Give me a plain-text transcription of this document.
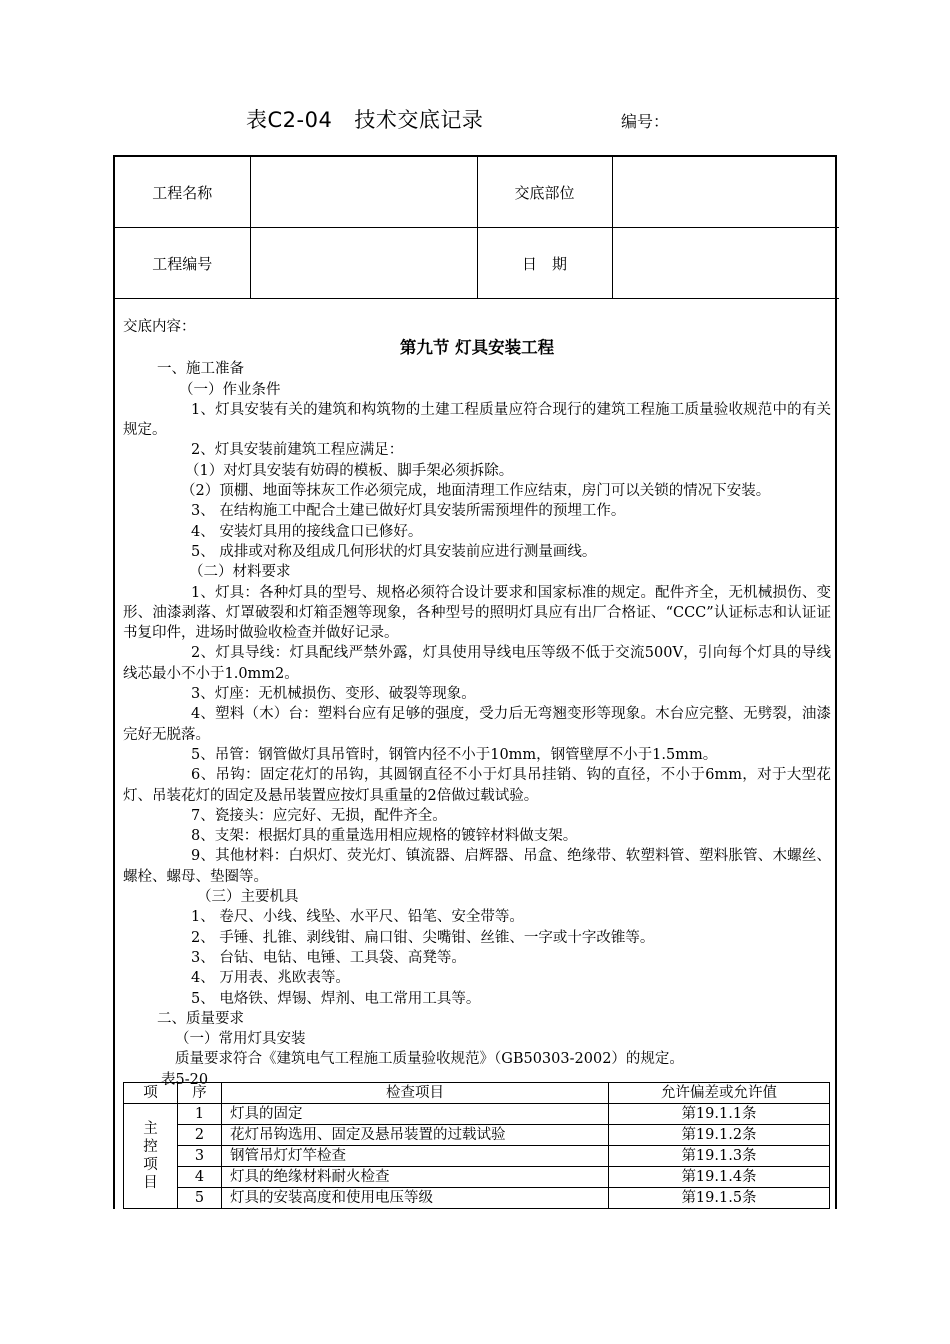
表C2-04 技术交底记录	编号：
工程名称		交底部位	
工程编号		日　期	

交底内容：

第九节 灯具安装工程

一、施工准备

（一）作业条件

1、灯具安装有关的建筑和构筑物的土建工程质量应符合现行的建筑工程施工质量验收规范中的有关规定。

2、灯具安装前建筑工程应满足：

（1）对灯具安装有妨碍的模板、脚手架必须拆除。

（2）顶棚、地面等抹灰工作必须完成，地面清理工作应结束，房门可以关锁的情况下安装。

3、 在结构施工中配合土建已做好灯具安装所需预埋件的预埋工作。

4、 安装灯具用的接线盒口已修好。

5、 成排或对称及组成几何形状的灯具安装前应进行测量画线。

（二）材料要求

1、灯具：各种灯具的型号、规格必须符合设计要求和国家标准的规定。配件齐全，无机械损伤、变形、油漆剥落、灯罩破裂和灯箱歪翘等现象，各种型号的照明灯具应有出厂合格证、“CCC”认证标志和认证证书复印件，进场时做验收检查并做好记录。

2、灯具导线：灯具配线严禁外露，灯具使用导线电压等级不低于交流500V，引向每个灯具的导线线芯最小不小于1.0mm2。

3、灯座：无机械损伤、变形、破裂等现象。

4、塑料（木）台：塑料台应有足够的强度，受力后无弯翘变形等现象。木台应完整、无劈裂，油漆完好无脱落。

5、吊管：钢管做灯具吊管时，钢管内径不小于10mm，钢管壁厚不小于1.5mm。

6、吊钩：固定花灯的吊钩，其圆钢直径不小于灯具吊挂销、钩的直径，不小于6mm，对于大型花灯、吊装花灯的固定及悬吊装置应按灯具重量的2倍做过载试验。

7、瓷接头：应完好、无损，配件齐全。

8、支架：根据灯具的重量选用相应规格的镀锌材料做支架。

9、其他材料：白炽灯、荧光灯、镇流器、启辉器、吊盒、绝缘带、软塑料管、塑料胀管、木螺丝、螺栓、螺母、垫圈等。

（三）主要机具

1、 卷尺、小线、线坠、水平尺、铅笔、安全带等。

2、 手锤、扎锥、剥线钳、扁口钳、尖嘴钳、丝锥、一字或十字改锥等。

3、 台钻、电钻、电锤、工具袋、高凳等。

4、 万用表、兆欧表等。

5、 电烙铁、焊锡、焊剂、电工常用工具等。

二、质量要求

（一）常用灯具安装

质量要求符合《建筑电气工程施工质量验收规范》（GB50303-2002）的规定。

表5-20

项	序	检查项目	允许偏差或允许值
主
控
项
目	1	灯具的固定	第19.1.1条
	2	花灯吊钩选用、固定及悬吊装置的过载试验	第19.1.2条
	3	钢管吊灯灯竿检查	第19.1.3条
	4	灯具的绝缘材料耐火检查	第19.1.4条
	5	灯具的安装高度和使用电压等级	第19.1.5条
